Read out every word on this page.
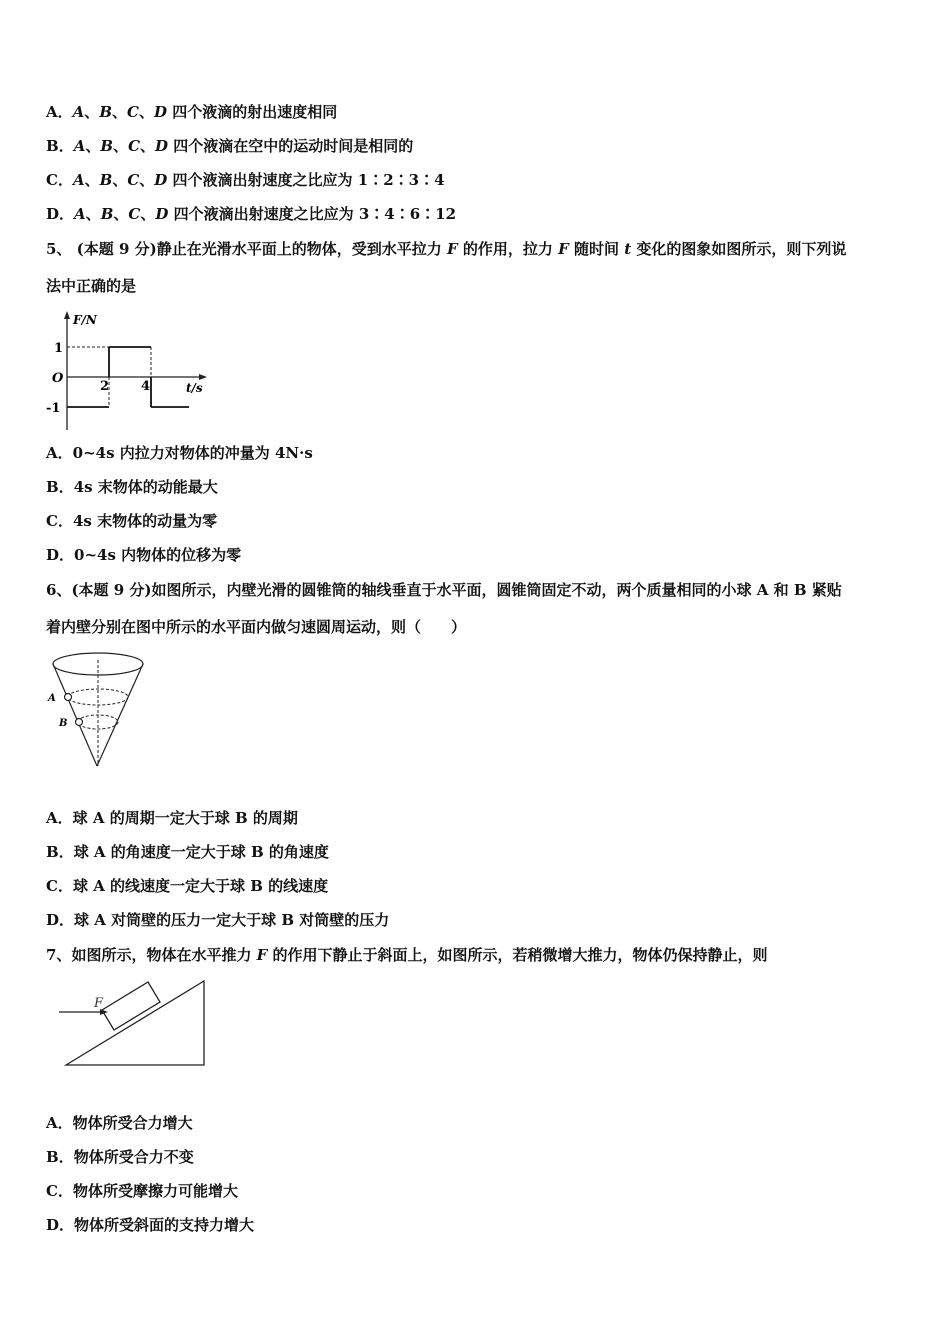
A．A、B、C、D 四个液滴的射出速度相同
B．A、B、C、D 四个液滴在空中的运动时间是相同的
C．A、B、C、D 四个液滴出射速度之比应为 1∶2∶3∶4
D．A、B、C、D 四个液滴出射速度之比应为 3∶4∶6∶12
5、 (本题 9 分)静止在光滑水平面上的物体，受到水平拉力 F 的作用，拉力 F 随时间 t 变化的图象如图所示，则下列说
法中正确的是
F/N
t/s
O
1
-1
2 4
A．0~4s 内拉力对物体的冲量为 4N·s
B．4s 末物体的动能最大
C．4s 末物体的动量为零
D．0~4s 内物体的位移为零
6、(本题 9 分)如图所示，内壁光滑的圆锥筒的轴线垂直于水平面，圆锥筒固定不动，两个质量相同的小球 A 和 B 紧贴
着内壁分别在图中所示的水平面内做匀速圆周运动，则（　　）
A
B
A．球 A 的周期一定大于球 B 的周期
B．球 A 的角速度一定大于球 B 的角速度
C．球 A 的线速度一定大于球 B 的线速度
D．球 A 对筒壁的压力一定大于球 B 对筒壁的压力
7、如图所示，物体在水平推力 F 的作用下静止于斜面上，如图所示，若稍微增大推力，物体仍保持静止，则
F
A．物体所受合力增大
B．物体所受合力不变
C．物体所受摩擦力可能增大
D．物体所受斜面的支持力增大
